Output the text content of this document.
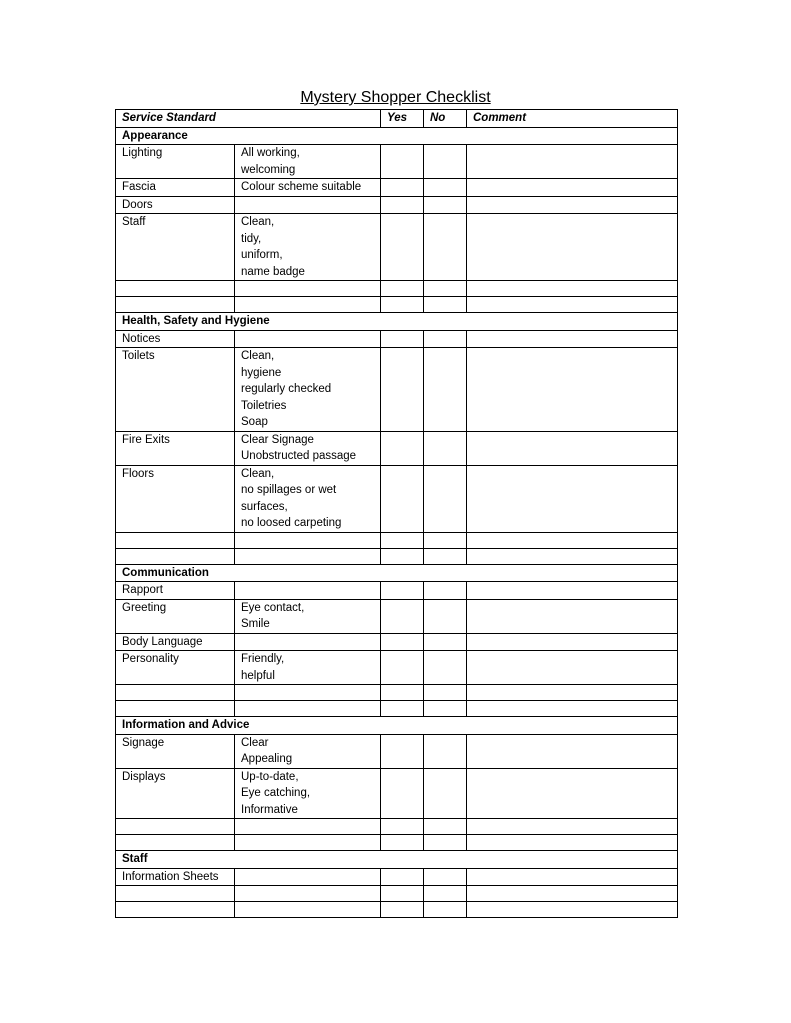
Mystery Shopper Checklist
Service Standard		Yes	No	Comment
Appearance				
Lighting	All working,
welcoming			

Fascia	Colour scheme suitable			

Doors				
Staff	Clean,
tidy,
uniform,
name badge			

Health, Safety and Hygiene				
Notices				
Toilets	Clean,
hygiene
regularly checked
Toiletries
Soap			

Fire Exits	Clear Signage
Unobstructed passage			

Floors	Clean,
no spillages or wet
surfaces,
no loosed carpeting			

Communication				
Rapport				
Greeting	Eye contact,
Smile			

Body Language				
Personality	Friendly,
helpful			

Information and Advice				
Signage	Clear
Appealing			

Displays	Up-to-date,
Eye catching,
Informative			

Staff				
Information Sheets				
